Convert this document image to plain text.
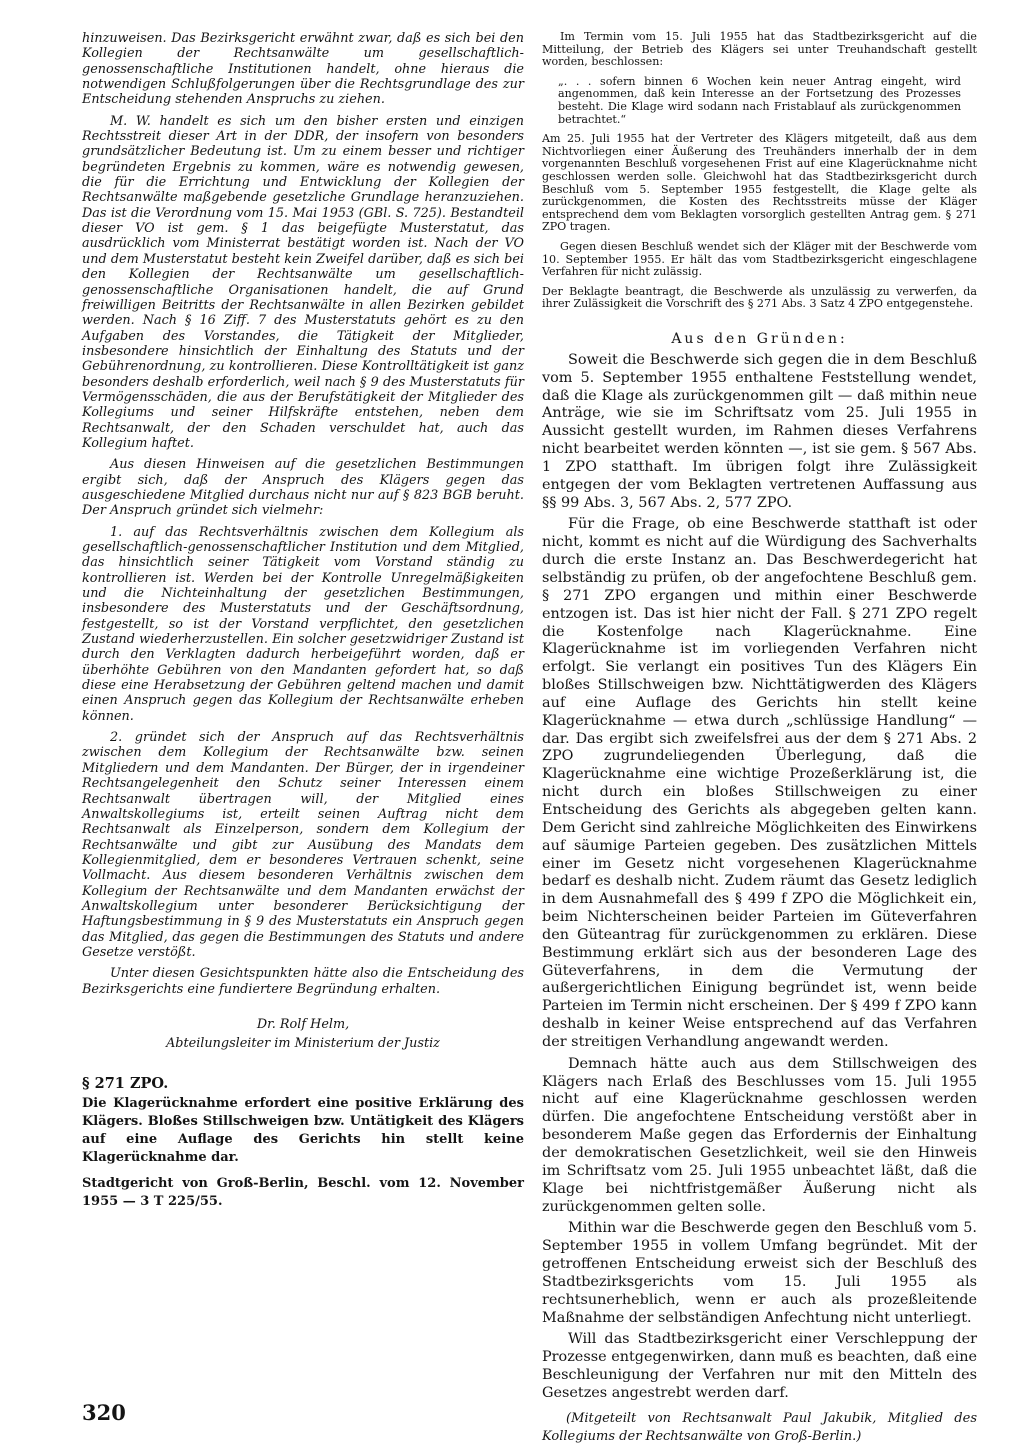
hinzuweisen. Das Bezirksgericht erwähnt zwar, daß es sich bei den Kollegien der Rechtsanwälte um gesellschaftlich-genossenschaftliche Institutionen handelt, ohne hieraus die notwendigen Schlußfolgerungen über die Rechtsgrundlage des zur Entscheidung stehenden Anspruchs zu ziehen.

M. W. handelt es sich um den bisher ersten und einzigen Rechtsstreit dieser Art in der DDR, der insofern von besonders grundsätzlicher Bedeutung ist. Um zu einem besser und richtiger begründeten Ergebnis zu kommen, wäre es notwendig gewesen, die für die Errichtung und Entwicklung der Kollegien der Rechtsanwälte maßgebende gesetzliche Grundlage heranzuziehen. Das ist die Verordnung vom 15. Mai 1953 (GBl. S. 725). Bestandteil dieser VO ist gem. § 1 das beigefügte Musterstatut, das ausdrücklich vom Ministerrat bestätigt worden ist. Nach der VO und dem Musterstatut besteht kein Zweifel darüber, daß es sich bei den Kollegien der Rechtsanwälte um gesellschaftlich-genossenschaftliche Organisationen handelt, die auf Grund freiwilligen Beitritts der Rechtsanwälte in allen Bezirken gebildet werden. Nach § 16 Ziff. 7 des Musterstatuts gehört es zu den Aufgaben des Vorstandes, die Tätigkeit der Mitglieder, insbesondere hinsichtlich der Einhaltung des Statuts und der Gebührenordnung, zu kontrollieren. Diese Kontrolltätigkeit ist ganz besonders deshalb erforderlich, weil nach § 9 des Musterstatuts für Vermögensschäden, die aus der Berufstätigkeit der Mitglieder des Kollegiums und seiner Hilfskräfte entstehen, neben dem Rechtsanwalt, der den Schaden verschuldet hat, auch das Kollegium haftet.

Aus diesen Hinweisen auf die gesetzlichen Bestimmungen ergibt sich, daß der Anspruch des Klägers gegen das ausgeschiedene Mitglied durchaus nicht nur auf § 823 BGB beruht. Der Anspruch gründet sich vielmehr:

1. auf das Rechtsverhältnis zwischen dem Kollegium als gesellschaftlich-genossenschaftlicher Institution und dem Mitglied, das hinsichtlich seiner Tätigkeit vom Vorstand ständig zu kontrollieren ist. Werden bei der Kontrolle Unregelmäßigkeiten und die Nichteinhaltung der gesetzlichen Bestimmungen, insbesondere des Musterstatuts und der Geschäftsordnung, festgestellt, so ist der Vorstand verpflichtet, den gesetzlichen Zustand wiederherzustellen. Ein solcher gesetzwidriger Zustand ist durch den Verklagten dadurch herbeigeführt worden, daß er überhöhte Gebühren von den Mandanten gefordert hat, so daß diese eine Herabsetzung der Gebühren geltend machen und damit einen Anspruch gegen das Kollegium der Rechtsanwälte erheben können.

2. gründet sich der Anspruch auf das Rechtsverhältnis zwischen dem Kollegium der Rechtsanwälte bzw. seinen Mitgliedern und dem Mandanten. Der Bürger, der in irgendeiner Rechtsangelegenheit den Schutz seiner Interessen einem Rechtsanwalt übertragen will, der Mitglied eines Anwaltskollegiums ist, erteilt seinen Auftrag nicht dem Rechtsanwalt als Einzelperson, sondern dem Kollegium der Rechtsanwälte und gibt zur Ausübung des Mandats dem Kollegienmitglied, dem er besonderes Vertrauen schenkt, seine Vollmacht. Aus diesem besonderen Verhältnis zwischen dem Kollegium der Rechtsanwälte und dem Mandanten erwächst der Anwaltskollegium unter besonderer Berücksichtigung der Haftungsbestimmung in § 9 des Musterstatuts ein Anspruch gegen das Mitglied, das gegen die Bestimmungen des Statuts und andere Gesetze verstößt.

Unter diesen Gesichtspunkten hätte also die Entscheidung des Bezirksgerichts eine fundiertere Begründung erhalten.

Dr. Rolf Helm,
Abteilungsleiter im Ministerium der Justiz
§ 271 ZPO.

Die Klagerücknahme erfordert eine positive Erklärung des Klägers. Bloßes Stillschweigen bzw. Untätigkeit des Klägers auf eine Auflage des Gerichts hin stellt keine Klagerücknahme dar.

Stadtgericht von Groß-Berlin, Beschl. vom 12. November 1955 — 3 T 225/55.

Im Termin vom 15. Juli 1955 hat das Stadtbezirksgericht auf die Mitteilung, der Betrieb des Klägers sei unter Treuhandschaft gestellt worden, beschlossen:

„. . . sofern binnen 6 Wochen kein neuer Antrag eingeht, wird angenommen, daß kein Interesse an der Fortsetzung des Prozesses besteht. Die Klage wird sodann nach Fristablauf als zurückgenommen betrachtet.“

Am 25. Juli 1955 hat der Vertreter des Klägers mitgeteilt, daß aus dem Nichtvorliegen einer Äußerung des Treuhänders innerhalb der in dem vorgenannten Beschluß vorgesehenen Frist auf eine Klagerücknahme nicht geschlossen werden solle. Gleichwohl hat das Stadtbezirksgericht durch Beschluß vom 5. September 1955 festgestellt, die Klage gelte als zurückgenommen, die Kosten des Rechtsstreits müsse der Kläger entsprechend dem vom Beklagten vorsorglich gestellten Antrag gem. § 271 ZPO tragen.

Gegen diesen Beschluß wendet sich der Kläger mit der Beschwerde vom 10. September 1955. Er hält das vom Stadtbezirksgericht eingeschlagene Verfahren für nicht zulässig.

Der Beklagte beantragt, die Beschwerde als unzulässig zu verwerfen, da ihrer Zulässigkeit die Vorschrift des § 271 Abs. 3 Satz 4 ZPO entgegenstehe.

Aus den Gründen:

Soweit die Beschwerde sich gegen die in dem Beschluß vom 5. September 1955 enthaltene Feststellung wendet, daß die Klage als zurückgenommen gilt — daß mithin neue Anträge, wie sie im Schriftsatz vom 25. Juli 1955 in Aussicht gestellt wurden, im Rahmen dieses Verfahrens nicht bearbeitet werden könnten —, ist sie gem. § 567 Abs. 1 ZPO statthaft. Im übrigen folgt ihre Zulässigkeit entgegen der vom Beklagten vertretenen Auffassung aus §§ 99 Abs. 3, 567 Abs. 2, 577 ZPO.

Für die Frage, ob eine Beschwerde statthaft ist oder nicht, kommt es nicht auf die Würdigung des Sachverhalts durch die erste Instanz an. Das Beschwerdegericht hat selbständig zu prüfen, ob der angefochtene Beschluß gem. § 271 ZPO ergangen und mithin einer Beschwerde entzogen ist. Das ist hier nicht der Fall. § 271 ZPO regelt die Kostenfolge nach Klagerücknahme. Eine Klagerücknahme ist im vorliegenden Verfahren nicht erfolgt. Sie verlangt ein positives Tun des Klägers Ein bloßes Stillschweigen bzw. Nichttätigwerden des Klägers auf eine Auflage des Gerichts hin stellt keine Klagerücknahme — etwa durch „schlüssige Handlung“ — dar. Das ergibt sich zweifelsfrei aus der dem § 271 Abs. 2 ZPO zugrundeliegenden Überlegung, daß die Klagerücknahme eine wichtige Prozeßerklärung ist, die nicht durch ein bloßes Stillschweigen zu einer Entscheidung des Gerichts als abgegeben gelten kann. Dem Gericht sind zahlreiche Möglichkeiten des Einwirkens auf säumige Parteien gegeben. Des zusätzlichen Mittels einer im Gesetz nicht vorgesehenen Klagerücknahme bedarf es deshalb nicht. Zudem räumt das Gesetz lediglich in dem Ausnahmefall des § 499 f ZPO die Möglichkeit ein, beim Nichterscheinen beider Parteien im Güteverfahren den Güteantrag für zurückgenommen zu erklären. Diese Bestimmung erklärt sich aus der besonderen Lage des Güteverfahrens, in dem die Vermutung der außergerichtlichen Einigung begründet ist, wenn beide Parteien im Termin nicht erscheinen. Der § 499 f ZPO kann deshalb in keiner Weise entsprechend auf das Verfahren der streitigen Verhandlung angewandt werden.

Demnach hätte auch aus dem Stillschweigen des Klägers nach Erlaß des Beschlusses vom 15. Juli 1955 nicht auf eine Klagerücknahme geschlossen werden dürfen. Die angefochtene Entscheidung verstößt aber in besonderem Maße gegen das Erfordernis der Einhaltung der demokratischen Gesetzlichkeit, weil sie den Hinweis im Schriftsatz vom 25. Juli 1955 unbeachtet läßt, daß die Klage bei nichtfristgemäßer Äußerung nicht als zurückgenommen gelten solle.

Mithin war die Beschwerde gegen den Beschluß vom 5. September 1955 in vollem Umfang begründet. Mit der getroffenen Entscheidung erweist sich der Beschluß des Stadtbezirksgerichts vom 15. Juli 1955 als rechtsunerheblich, wenn er auch als prozeßleitende Maßnahme der selbständigen Anfechtung nicht unterliegt.

Will das Stadtbezirksgericht einer Verschleppung der Prozesse entgegenwirken, dann muß es beachten, daß eine Beschleunigung der Verfahren nur mit den Mitteln des Gesetzes angestrebt werden darf.

(Mitgeteilt von Rechtsanwalt Paul Jakubik, Mitglied des Kollegiums der Rechtsanwälte von Groß-Berlin.)

320
